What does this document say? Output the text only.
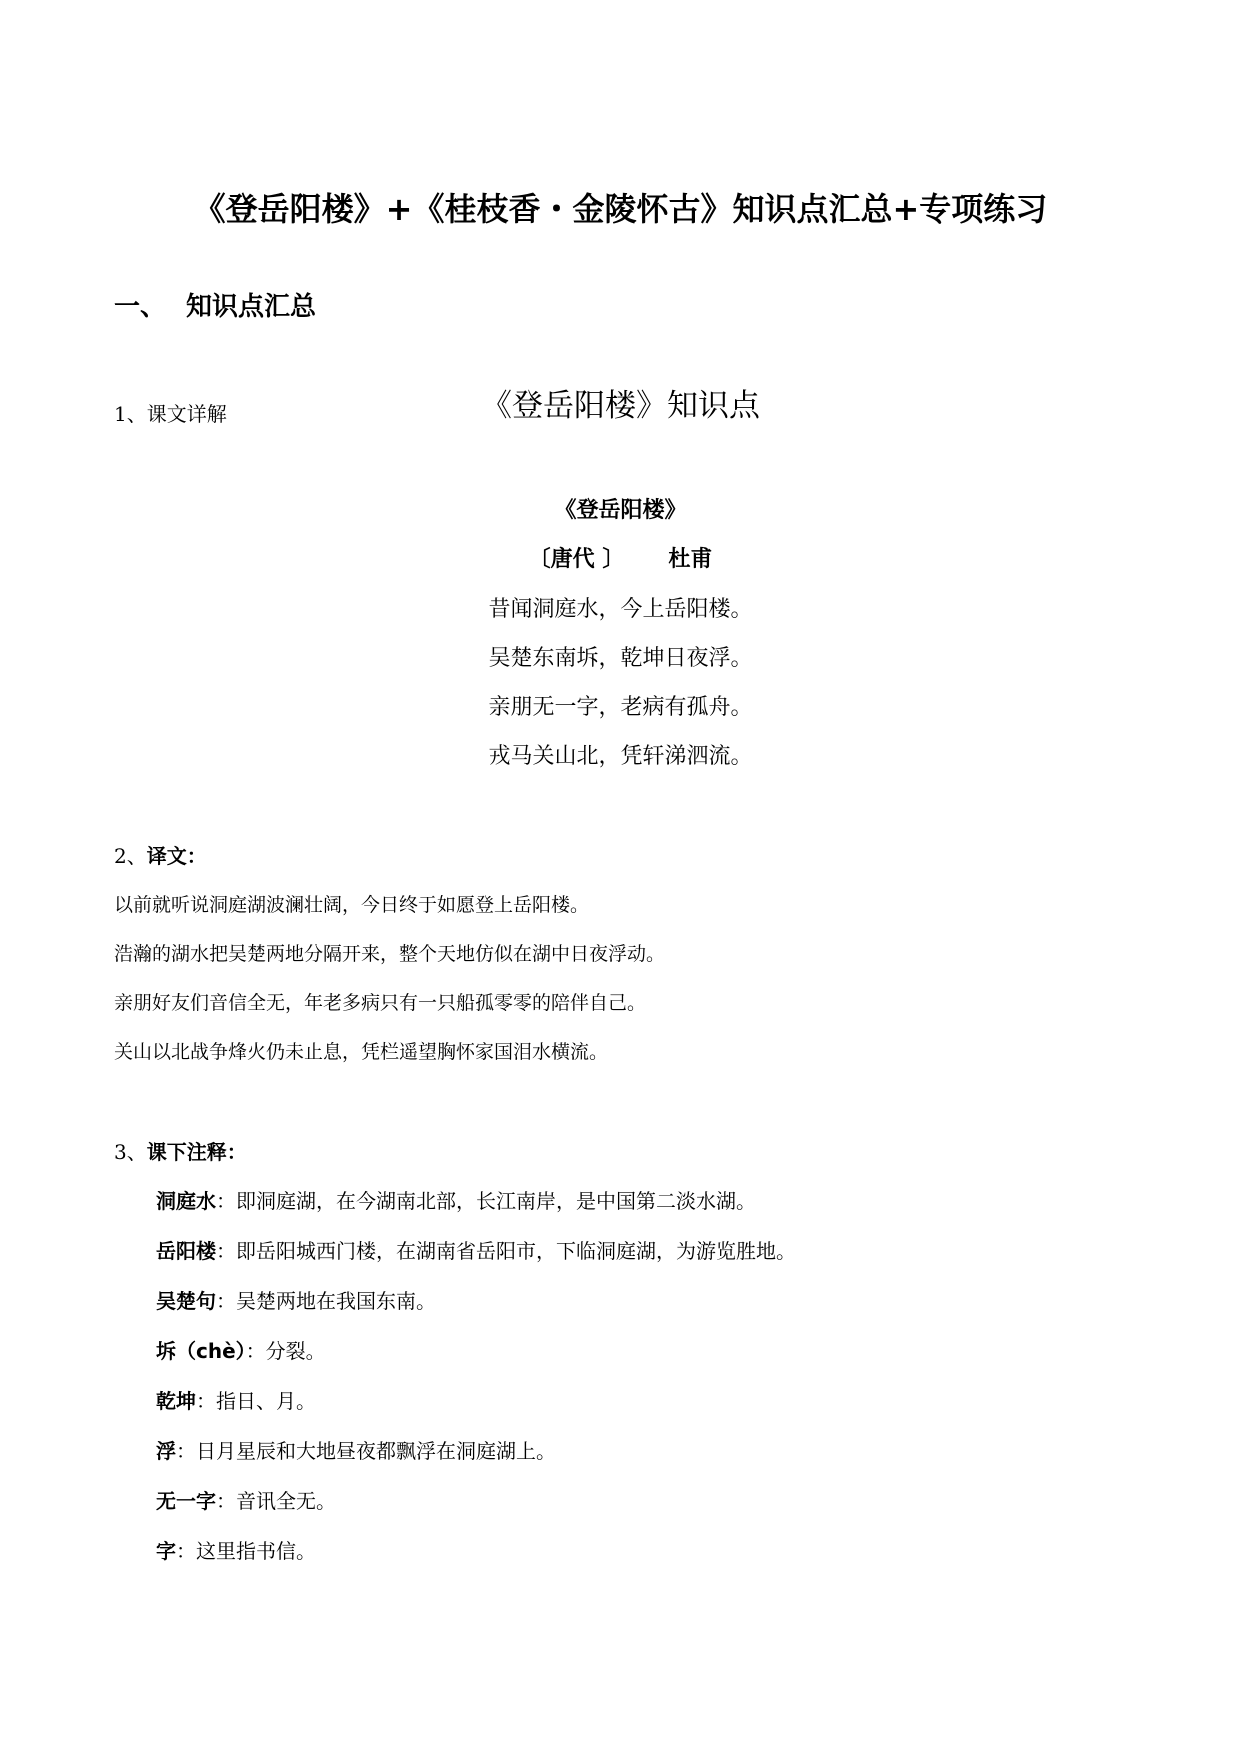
《登岳阳楼》+《桂枝香・金陵怀古》知识点汇总+专项练习
一、 知识点汇总
《登岳阳楼》知识点
1、课文详解
《登岳阳楼》
〔唐代 〕 杜甫
昔闻洞庭水，今上岳阳楼。
吴楚东南坼，乾坤日夜浮。
亲朋无一字，老病有孤舟。
戎马关山北，凭轩涕泗流。
2、译文：
以前就听说洞庭湖波澜壮阔，今日终于如愿登上岳阳楼。
浩瀚的湖水把吴楚两地分隔开来，整个天地仿似在湖中日夜浮动。
亲朋好友们音信全无，年老多病只有一只船孤零零的陪伴自己。
关山以北战争烽火仍未止息，凭栏遥望胸怀家国泪水横流。
3、课下注释：
洞庭水：即洞庭湖，在今湖南北部，长江南岸，是中国第二淡水湖。
岳阳楼：即岳阳城西门楼，在湖南省岳阳市，下临洞庭湖，为游览胜地。
吴楚句：吴楚两地在我国东南。
坼（chè）：分裂。
乾坤：指日、月。
浮：日月星辰和大地昼夜都飘浮在洞庭湖上。
无一字：音讯全无。
字：这里指书信。
